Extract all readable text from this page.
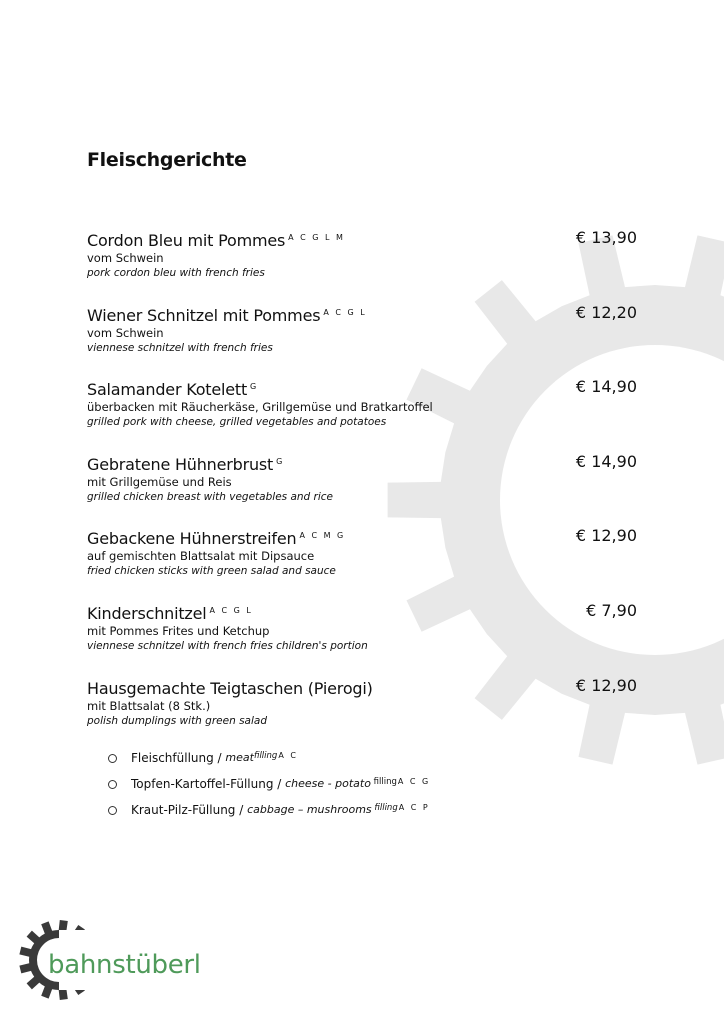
Fleischgerichte
Cordon Bleu mit Pommes $^{A C G L M}$	€ 13,90
vom Schwein
pork cordon bleu with french fries
Wiener Schnitzel mit Pommes $^{A C G L}$	€ 12,20
vom Schwein
viennese schnitzel with french fries
Salamander Kotelett $^G$	€ 14,90
überbacken mit Räucherkäse, Grillgemüse und Bratkartoffel
grilled pork with cheese, grilled vegetables and potatoes
Gebratene Hühnerbrust $^G$	€ 14,90
mit Grillgemüse und Reis
grilled chicken breast with vegetables and rice
Gebackene Hühnerstreifen $^{A C M G}$	€ 12,90
auf gemischten Blattsalat mit Dipsauce
fried chicken sticks with green salad and sauce
Kinderschnitzel $^{A C G L}$	€ 7,90
mit Pommes Frites und Ketchup
viennese schnitzel with french fries children's portion
Hausgemachte Teigtaschen (Pierogi)	€ 12,90
mit Blattsalat (8 Stk.)
polish dumplings with green salad
Fleischfüllung / meat filling A C
Topfen-Kartoffel-Füllung / cheese - potato filling A C G
Kraut-Pilz-Füllung / cabbage – mushrooms filling A C P
bahnstüberl
